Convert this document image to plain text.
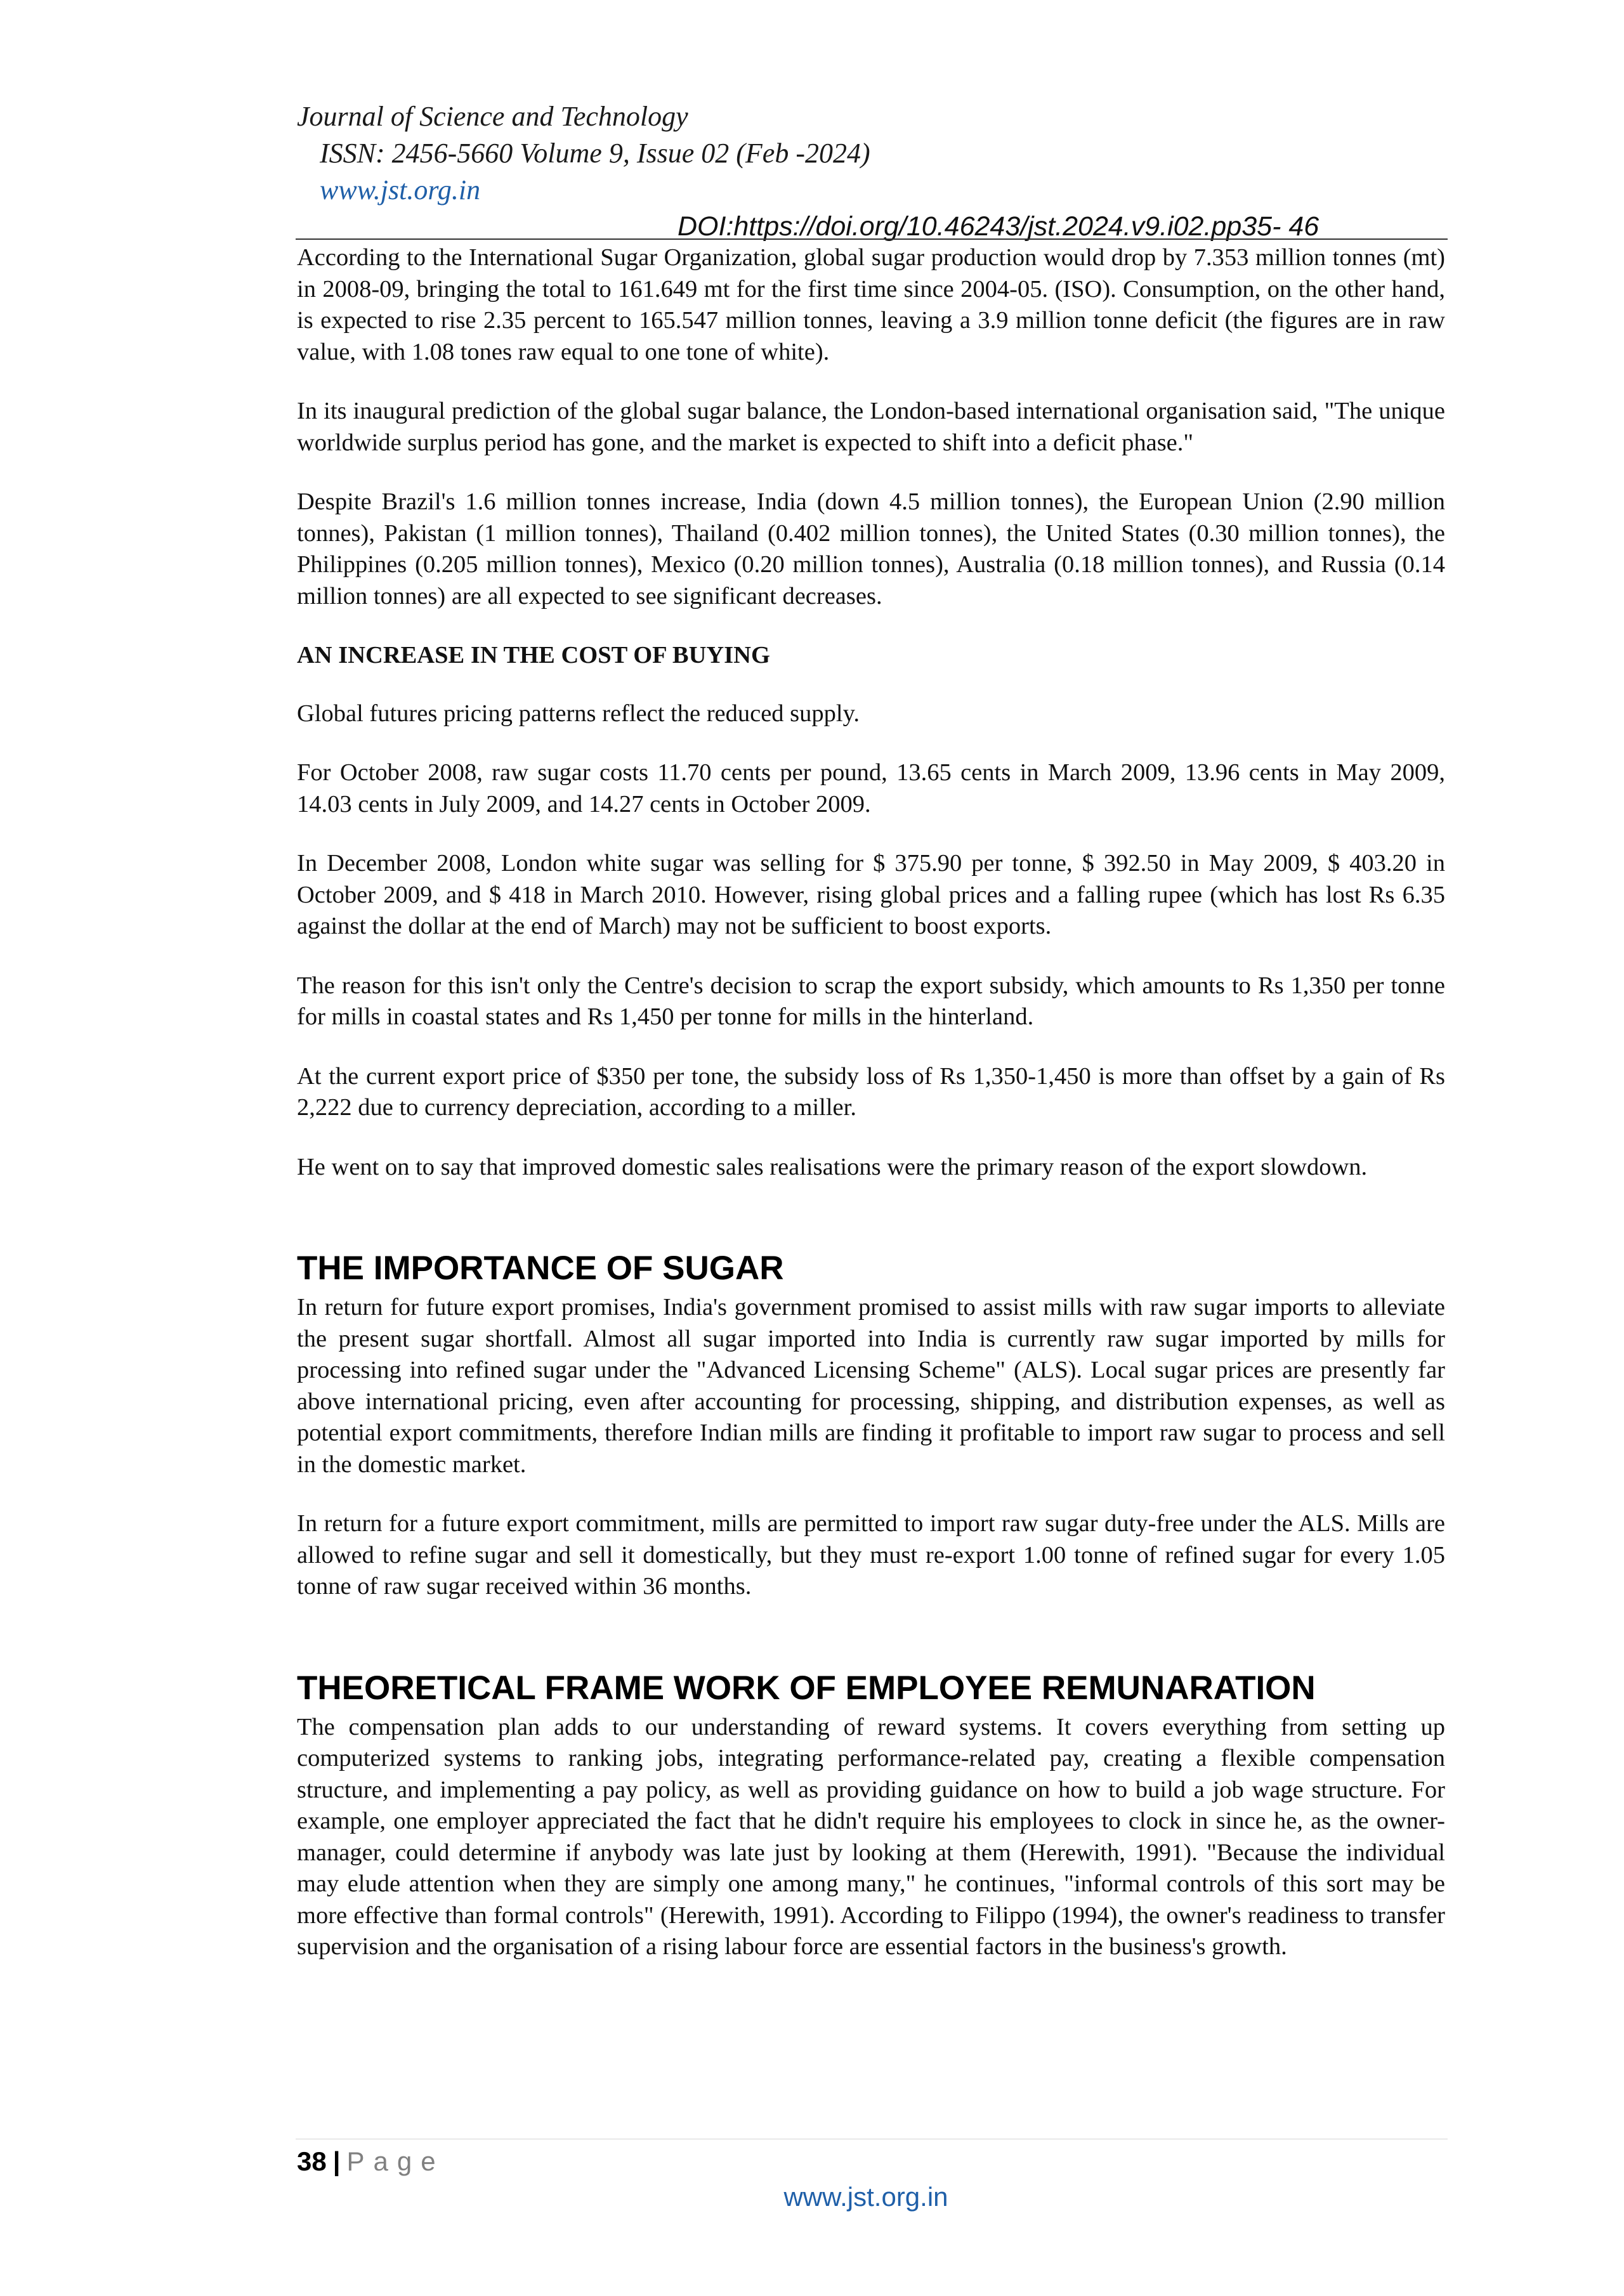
Journal of Science and Technology
ISSN: 2456-5660 Volume 9, Issue 02 (Feb -2024)
www.jst.org.in
DOI:https://doi.org/10.46243/jst.2024.v9.i02.pp35- 46

According to the International Sugar Organization, global sugar production would drop by 7.353 million tonnes (mt) in 2008-09, bringing the total to 161.649 mt for the first time since 2004-05. (ISO). Consumption, on the other hand, is expected to rise 2.35 percent to 165.547 million tonnes, leaving a 3.9 million tonne deficit (the figures are in raw value, with 1.08 tones raw equal to one tone of white).

In its inaugural prediction of the global sugar balance, the London-based international organisation said, "The unique worldwide surplus period has gone, and the market is expected to shift into a deficit phase."

Despite Brazil's 1.6 million tonnes increase, India (down 4.5 million tonnes), the European Union (2.90 million tonnes), Pakistan (1 million tonnes), Thailand (0.402 million tonnes), the United States (0.30 million tonnes), the Philippines (0.205 million tonnes), Mexico (0.20 million tonnes), Australia (0.18 million tonnes), and Russia (0.14 million tonnes) are all expected to see significant decreases.

AN INCREASE IN THE COST OF BUYING

Global futures pricing patterns reflect the reduced supply.

For October 2008, raw sugar costs 11.70 cents per pound, 13.65 cents in March 2009, 13.96 cents in May 2009, 14.03 cents in July 2009, and 14.27 cents in October 2009.

In December 2008, London white sugar was selling for $ 375.90 per tonne, $ 392.50 in May 2009, $ 403.20 in October 2009, and $ 418 in March 2010. However, rising global prices and a falling rupee (which has lost Rs 6.35 against the dollar at the end of March) may not be sufficient to boost exports.

The reason for this isn't only the Centre's decision to scrap the export subsidy, which amounts to Rs 1,350 per tonne for mills in coastal states and Rs 1,450 per tonne for mills in the hinterland.

At the current export price of $350 per tone, the subsidy loss of Rs 1,350-1,450 is more than offset by a gain of Rs 2,222 due to currency depreciation, according to a miller.

He went on to say that improved domestic sales realisations were the primary reason of the export slowdown.

THE IMPORTANCE OF SUGAR

In return for future export promises, India's government promised to assist mills with raw sugar imports to alleviate the present sugar shortfall. Almost all sugar imported into India is currently raw sugar imported by mills for processing into refined sugar under the "Advanced Licensing Scheme" (ALS). Local sugar prices are presently far above international pricing, even after accounting for processing, shipping, and distribution expenses, as well as potential export commitments, therefore Indian mills are finding it profitable to import raw sugar to process and sell in the domestic market.

In return for a future export commitment, mills are permitted to import raw sugar duty-free under the ALS. Mills are allowed to refine sugar and sell it domestically, but they must re-export 1.00 tonne of refined sugar for every 1.05 tonne of raw sugar received within 36 months.

THEORETICAL FRAME WORK OF EMPLOYEE REMUNARATION

The compensation plan adds to our understanding of reward systems. It covers everything from setting up computerized systems to ranking jobs, integrating performance-related pay, creating a flexible compensation structure, and implementing a pay policy, as well as providing guidance on how to build a job wage structure. For example, one employer appreciated the fact that he didn't require his employees to clock in since he, as the owner-manager, could determine if anybody was late just by looking at them (Herewith, 1991). "Because the individual may elude attention when they are simply one among many," he continues, "informal controls of this sort may be more effective than formal controls" (Herewith, 1991). According to Filippo (1994), the owner's readiness to transfer supervision and the organisation of a rising labour force are essential factors in the business's growth.

38 | Page
www.jst.org.in
